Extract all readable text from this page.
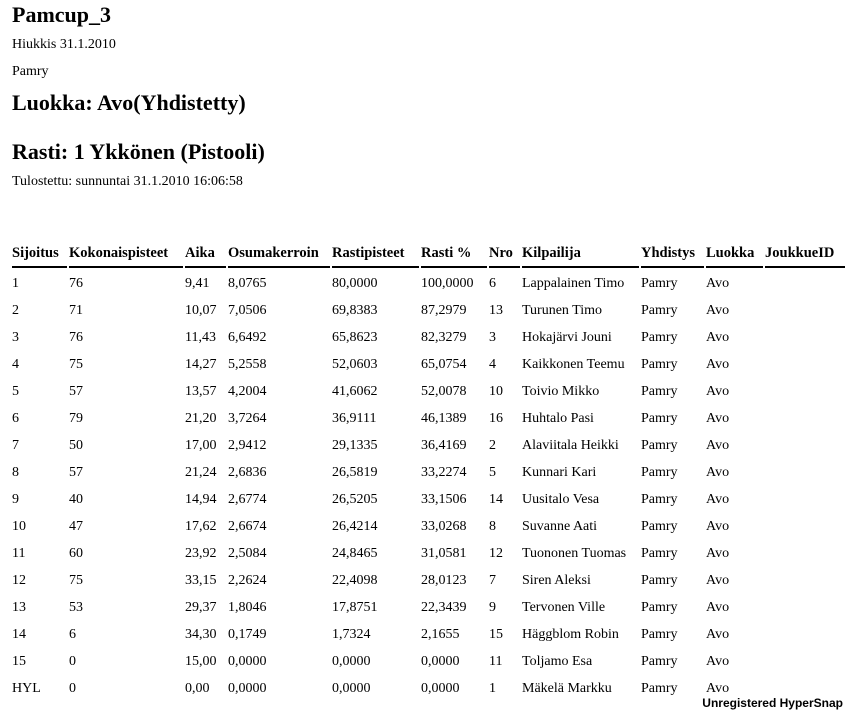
Pamcup_3
Hiukkis 31.1.2010
Pamry
Luokka: Avo(Yhdistetty)
Rasti: 1 Ykkönen (Pistooli)
Tulostettu: sunnuntai 31.1.2010 16:06:58
Sijoitus	Kokonaispisteet	Aika	Osumakerroin	Rastipisteet	Rasti %	Nro	Kilpailija	Yhdistys	Luokka	JoukkueID
1	76	9,41	8,0765	80,0000	100,0000	6	Lappalainen Timo	Pamry	Avo	
2	71	10,07	7,0506	69,8383	87,2979	13	Turunen Timo	Pamry	Avo	
3	76	11,43	6,6492	65,8623	82,3279	3	Hokajärvi Jouni	Pamry	Avo	
4	75	14,27	5,2558	52,0603	65,0754	4	Kaikkonen Teemu	Pamry	Avo	
5	57	13,57	4,2004	41,6062	52,0078	10	Toivio Mikko	Pamry	Avo	
6	79	21,20	3,7264	36,9111	46,1389	16	Huhtalo Pasi	Pamry	Avo	
7	50	17,00	2,9412	29,1335	36,4169	2	Alaviitala Heikki	Pamry	Avo	
8	57	21,24	2,6836	26,5819	33,2274	5	Kunnari Kari	Pamry	Avo	
9	40	14,94	2,6774	26,5205	33,1506	14	Uusitalo Vesa	Pamry	Avo	
10	47	17,62	2,6674	26,4214	33,0268	8	Suvanne Aati	Pamry	Avo	
11	60	23,92	2,5084	24,8465	31,0581	12	Tuononen Tuomas	Pamry	Avo	
12	75	33,15	2,2624	22,4098	28,0123	7	Siren Aleksi	Pamry	Avo	
13	53	29,37	1,8046	17,8751	22,3439	9	Tervonen Ville	Pamry	Avo	
14	6	34,30	0,1749	1,7324	2,1655	15	Häggblom Robin	Pamry	Avo	
15	0	15,00	0,0000	0,0000	0,0000	11	Toljamo Esa	Pamry	Avo	
HYL	0	0,00	0,0000	0,0000	0,0000	1	Mäkelä Markku	Pamry	Avo	
Unregistered HyperSnap
